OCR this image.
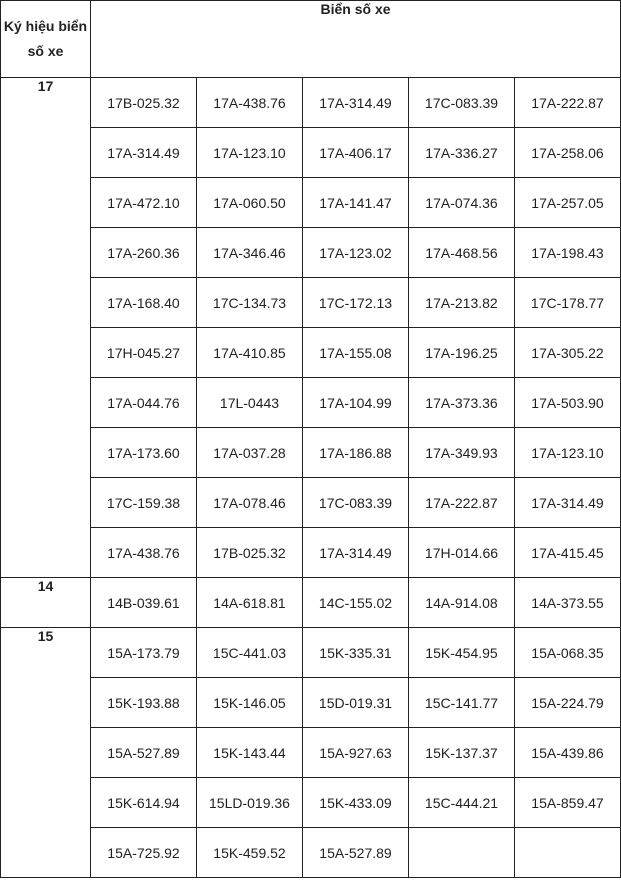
Ký hiệu biển số xe	Biển số xe				
17	17B-025.32	17A-438.76	17A-314.49	17C-083.39	17A-222.87
	17A-314.49	17A-123.10	17A-406.17	17A-336.27	17A-258.06
	17A-472.10	17A-060.50	17A-141.47	17A-074.36	17A-257.05
	17A-260.36	17A-346.46	17A-123.02	17A-468.56	17A-198.43
	17A-168.40	17C-134.73	17C-172.13	17A-213.82	17C-178.77
	17H-045.27	17A-410.85	17A-155.08	17A-196.25	17A-305.22
	17A-044.76	17L-0443	17A-104.99	17A-373.36	17A-503.90
	17A-173.60	17A-037.28	17A-186.88	17A-349.93	17A-123.10
	17C-159.38	17A-078.46	17C-083.39	17A-222.87	17A-314.49
	17A-438.76	17B-025.32	17A-314.49	17H-014.66	17A-415.45
14	14B-039.61	14A-618.81	14C-155.02	14A-914.08	14A-373.55
15	15A-173.79	15C-441.03	15K-335.31	15K-454.95	15A-068.35
	15K-193.88	15K-146.05	15D-019.31	15C-141.77	15A-224.79
	15A-527.89	15K-143.44	15A-927.63	15K-137.37	15A-439.86
	15K-614.94	15LD-019.36	15K-433.09	15C-444.21	15A-859.47
	15A-725.92	15K-459.52	15A-527.89		
